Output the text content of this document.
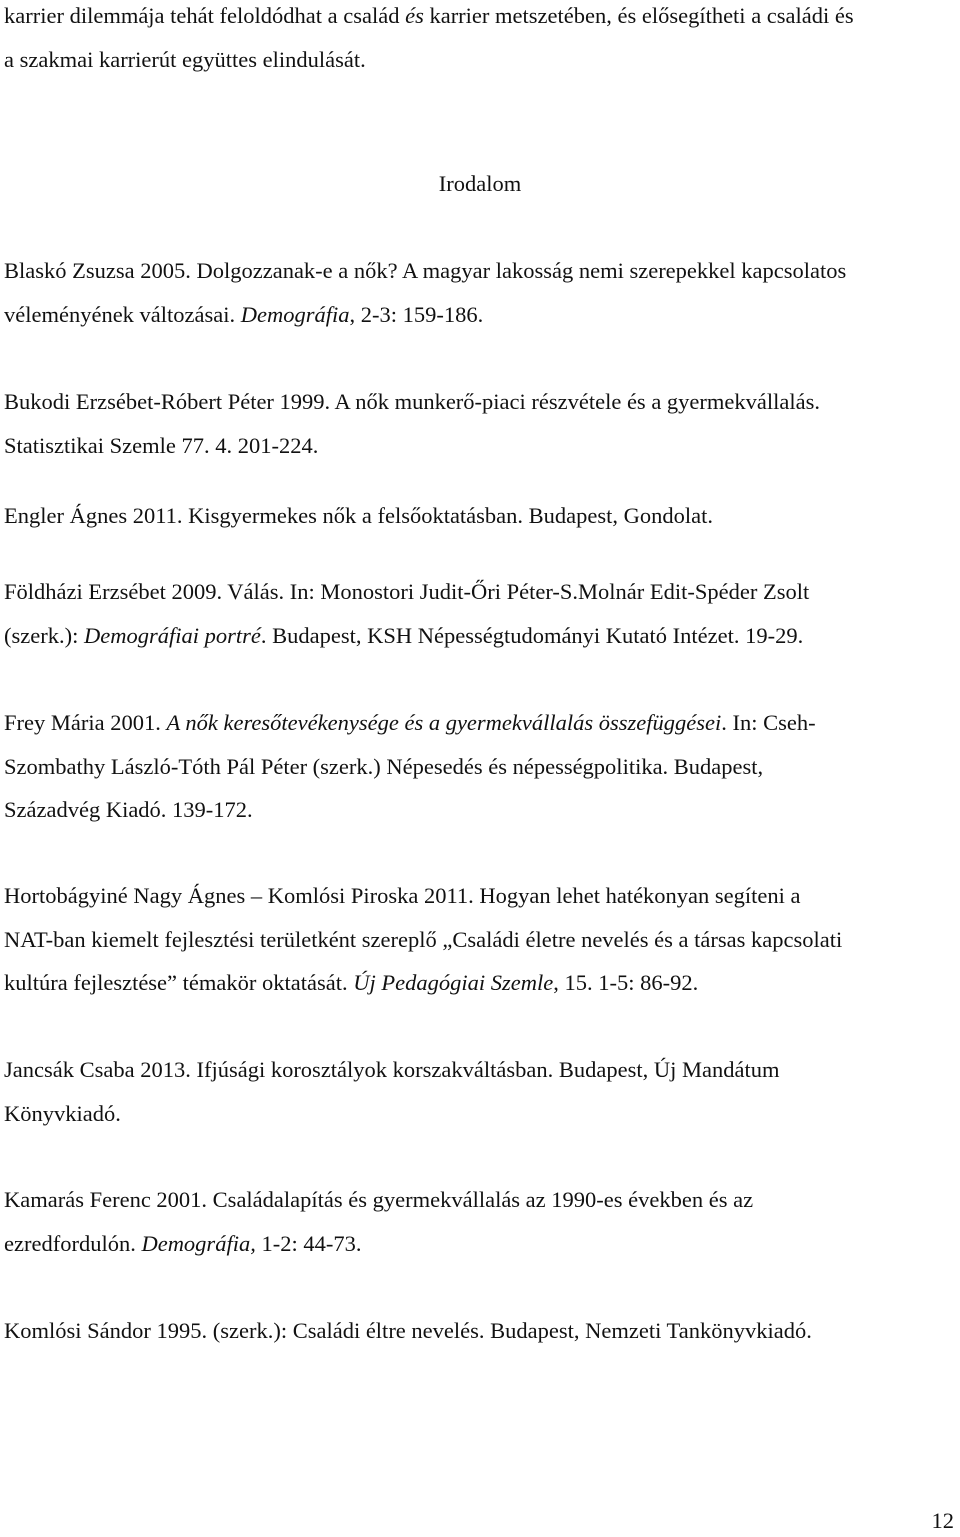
karrier dilemmája tehát feloldódhat a család és karrier metszetében, és elősegítheti a családi és
a szakmai karrierút együttes elindulását.

Irodalom

Blaskó Zsuzsa 2005. Dolgozzanak-e a nők? A magyar lakosság nemi szerepekkel kapcsolatos
véleményének változásai. Demográfia, 2-3: 159-186.

Bukodi Erzsébet-Róbert Péter 1999. A nők munkerő-piaci részvétele és a gyermekvállalás.
Statisztikai Szemle 77. 4. 201-224.

Engler Ágnes 2011. Kisgyermekes nők a felsőoktatásban. Budapest, Gondolat.

Földházi Erzsébet 2009. Válás. In: Monostori Judit-Őri Péter-S.Molnár Edit-Spéder Zsolt
(szerk.): Demográfiai portré. Budapest, KSH Népességtudományi Kutató Intézet. 19-29.

Frey Mária 2001. A nők keresőtevékenysége és a gyermekvállalás összefüggései. In: Cseh-
Szombathy László-Tóth Pál Péter (szerk.) Népesedés és népességpolitika. Budapest,
Századvég Kiadó. 139-172.

Hortobágyiné Nagy Ágnes – Komlósi Piroska 2011. Hogyan lehet hatékonyan segíteni a
NAT-ban kiemelt fejlesztési területként szereplő „Családi életre nevelés és a társas kapcsolati
kultúra fejlesztése” témakör oktatását. Új Pedagógiai Szemle, 15. 1-5: 86-92.

Jancsák Csaba 2013. Ifjúsági korosztályok korszakváltásban. Budapest, Új Mandátum
Könyvkiadó.

Kamarás Ferenc 2001. Családalapítás és gyermekvállalás az 1990-es években és az
ezredfordulón. Demográfia, 1-2: 44-73.

Komlósi Sándor 1995. (szerk.): Családi éltre nevelés. Budapest, Nemzeti Tankönyvkiadó.

12
